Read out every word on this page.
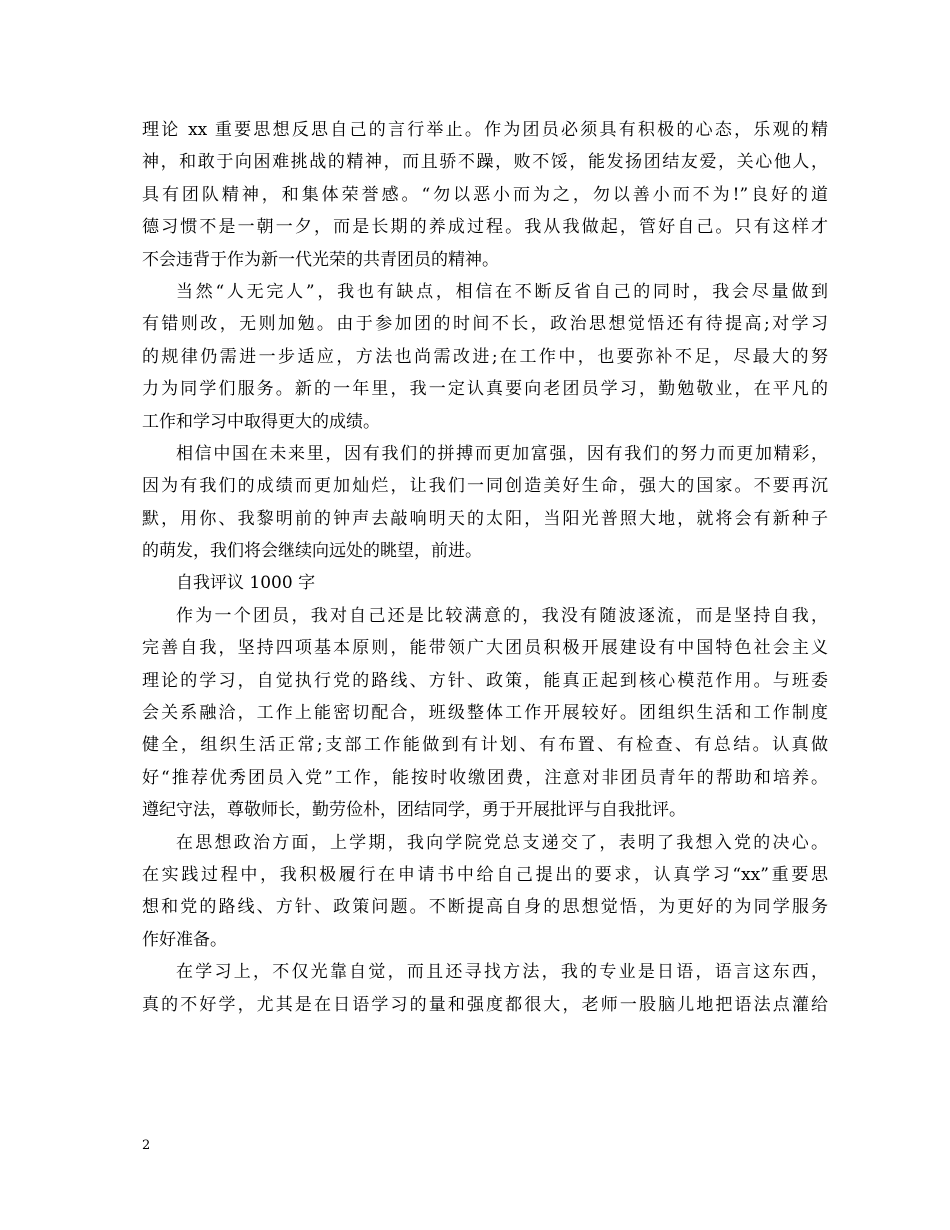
理论 xx 重要思想反思自己的言行举止。作为团员必须具有积极的心态，乐观的精
神，和敢于向困难挑战的精神，而且骄不躁，败不馁，能发扬团结友爱，关心他人，
具有团队精神，和集体荣誉感。“勿以恶小而为之，勿以善小而不为!”良好的道
德习惯不是一朝一夕，而是长期的养成过程。我从我做起，管好自己。只有这样才
不会违背于作为新一代光荣的共青团员的精神。
当然“人无完人”，我也有缺点，相信在不断反省自己的同时，我会尽量做到
有错则改，无则加勉。由于参加团的时间不长，政治思想觉悟还有待提高;对学习
的规律仍需进一步适应，方法也尚需改进;在工作中，也要弥补不足，尽最大的努
力为同学们服务。新的一年里，我一定认真要向老团员学习，勤勉敬业，在平凡的
工作和学习中取得更大的成绩。
相信中国在未来里，因有我们的拼搏而更加富强，因有我们的努力而更加精彩，
因为有我们的成绩而更加灿烂，让我们一同创造美好生命，强大的国家。不要再沉
默，用你、我黎明前的钟声去敲响明天的太阳，当阳光普照大地，就将会有新种子
的萌发，我们将会继续向远处的眺望，前进。
自我评议 1000 字
作为一个团员，我对自己还是比较满意的，我没有随波逐流，而是坚持自我，
完善自我，坚持四项基本原则，能带领广大团员积极开展建设有中国特色社会主义
理论的学习，自觉执行党的路线、方针、政策，能真正起到核心模范作用。与班委
会关系融洽，工作上能密切配合，班级整体工作开展较好。团组织生活和工作制度
健全，组织生活正常;支部工作能做到有计划、有布置、有检查、有总结。认真做
好“推荐优秀团员入党”工作，能按时收缴团费，注意对非团员青年的帮助和培养。
遵纪守法，尊敬师长，勤劳俭朴，团结同学，勇于开展批评与自我批评。
在思想政治方面，上学期，我向学院党总支递交了，表明了我想入党的决心。
在实践过程中，我积极履行在申请书中给自己提出的要求，认真学习“xx”重要思
想和党的路线、方针、政策问题。不断提高自身的思想觉悟，为更好的为同学服务
作好准备。
在学习上，不仅光靠自觉，而且还寻找方法，我的专业是日语，语言这东西，
真的不好学，尤其是在日语学习的量和强度都很大，老师一股脑儿地把语法点灌给
2
